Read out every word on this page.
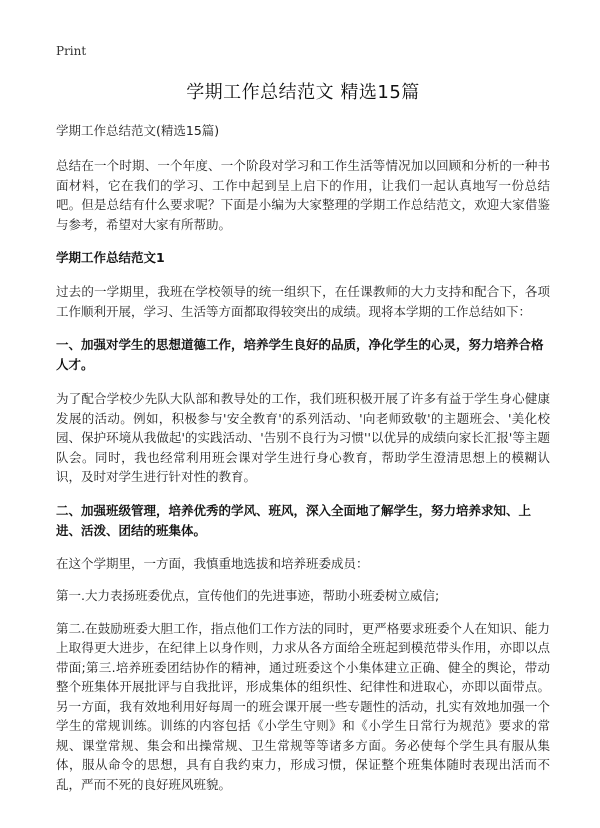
Print
学期工作总结范文 精选15篇

学期工作总结范文(精选15篇)

总结在一个时期、一个年度、一个阶段对学习和工作生活等情况加以回顾和分析的一种书面材料，它在我们的学习、工作中起到呈上启下的作用，让我们一起认真地写一份总结吧。但是总结有什么要求呢？下面是小编为大家整理的学期工作总结范文，欢迎大家借鉴与参考，希望对大家有所帮助。

学期工作总结范文1

过去的一学期里，我班在学校领导的统一组织下，在任课教师的大力支持和配合下，各项工作顺利开展，学习、生活等方面都取得较突出的成绩。现将本学期的工作总结如下：

一、加强对学生的思想道德工作，培养学生良好的品质，净化学生的心灵，努力培养合格人才。

为了配合学校少先队大队部和教导处的工作，我们班积极开展了许多有益于学生身心健康发展的活动。例如，积极参与'安全教育'的系列活动、'向老师致敬'的主题班会、'美化校园、保护环境从我做起'的实践活动、'告别不良行为习惯''以优异的成绩向家长汇报'等主题队会。同时，我也经常利用班会课对学生进行身心教育，帮助学生澄清思想上的模糊认识，及时对学生进行针对性的教育。

二、加强班级管理，培养优秀的学风、班风，深入全面地了解学生，努力培养求知、上进、活泼、团结的班集体。

在这个学期里，一方面，我慎重地选拔和培养班委成员：

第一.大力表扬班委优点，宣传他们的先进事迹，帮助小班委树立威信;

第二.在鼓励班委大胆工作，指点他们工作方法的同时，更严格要求班委个人在知识、能力上取得更大进步，在纪律上以身作则，力求从各方面给全班起到模范带头作用，亦即以点带面;第三.培养班委团结协作的精神，通过班委这个小集体建立正确、健全的舆论，带动整个班集体开展批评与自我批评，形成集体的组织性、纪律性和进取心，亦即以面带点。另一方面，我有效地利用好每周一的班会课开展一些专题性的活动，扎实有效地加强一个学生的常规训练。训练的内容包括《小学生守则》和《小学生日常行为规范》要求的常规、课堂常规、集会和出操常规、卫生常规等等诸多方面。务必使每个学生具有服从集体，服从命令的思想，具有自我约束力，形成习惯，保证整个班集体随时表现出活而不乱，严而不死的良好班风班貌。
